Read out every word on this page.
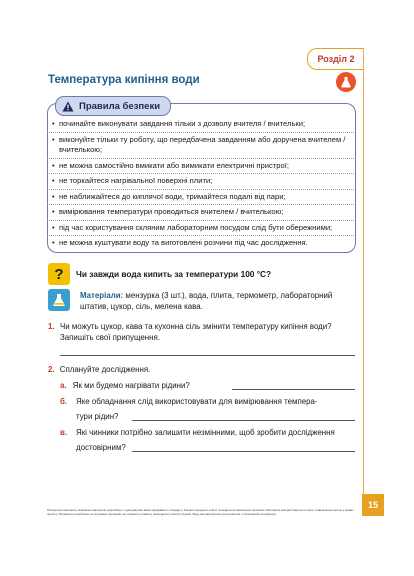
Розділ 2
Температура кипіння води
Правила безпеки
• починайте виконувати завдання тільки з дозволу вчителя / вчительки;
• виконуйте тільки ту роботу, що передбачена завданням або доручена вчителем / вчителькою;
• не можна самостійно вмикати або вимикати електричні пристрої;
• не торкайтеся нагрівальної поверхні плити;
• не наближайтеся до киплячої води, тримайтеся подалі від пари;
• вимірювання температури проводиться вчителем / вчителькою;
• під час користування скляним лабораторним посудом слід бути обережними;
• не можна куштувати воду та виготовлені розчини під час дослідження.
?	Чи завжди вода кипить за температури 100 °C?
Матеріали: мензурка (3 шт.), вода, плита, термометр, лабораторний штатив, цукор, сіль, мелена кава.
1. Чи можуть цукор, кава та кухонна сіль змінити температуру кипіння води? Запишіть свої припущення.
2. Сплануйте дослідження.
а. Як ми будемо нагрівати рідини?
б. Яке обладнання слід використовувати для вимірювання темпера-
тури рідин?
в. Які чинники потрібно залишити незмінними, щоб зробити дослідження
достовірним?
Поширення матеріалу. Навчальні матеріали розроблено з урахуванням вимог Державного стандарту базової середньої освіти та модельної навчальної програми. Матеріали використовуються лише з навчальною метою у межах проєкту. Матеріали розроблено за підтримки партнерів, які сприяють розвитку природничої освіти в Україні. Будь-яке відтворення допускається з посиланням на джерело.
15
